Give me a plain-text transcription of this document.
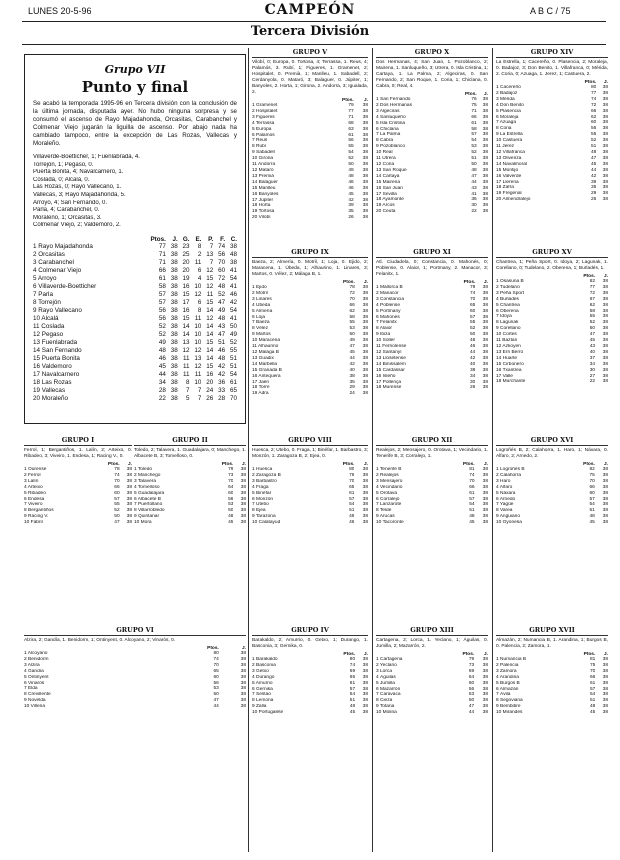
LUNES 20-5-96	CAMPEÓN	A B C / 75
Tercera División
Grupo VII
Punto y final
Se acabó la temporada 1995-96 en Tercera división con la conclusión de la última jornada, disputada ayer. No hubo ninguna sorpresa y se consumó el ascenso de Rayo Majadahonda, Orcasitas, Carabanchel y Colmenar Viejo jugarán la liguilla de ascenso. Por abajo nada ha cambiado tampoco, entre la excepción de Las Rozas, Vallecas y Moraleño.
Villaverde-Boetticher, 1; Fuenlabrada, 4.
Torrejón, 1; Pegaso, 0.
Puerta Bonita, 4; Navalcarnero, 1.
Coslada, 0; Alcalá, 0.
Las Rozas, 0; Rayo Vallecano, 1.
Vallecas, 3; Rayo Majadahonda, 5.
Arroyo, 4; San Fernando, 0.
Parla, 4; Carabanchel, 0.
Moraleño, 1; Orcasitas, 3.
Colmenar Viejo, 2; Valdemoro, 2.
	Ptos.	J.	G.	E.	P.	F.	C.
1 Rayo Majadahonda	77	38	23	8	7	74	38
2 Orcasitas	71	38	25	2	13	56	48
3 Carabanchel	71	38	20	11	7	70	38
4 Colmenar Viejo	66	38	20	6	12	60	41
5 Arroyo	61	38	19	4	15	72	54
6 Villaverde-Boetticher	58	38	16	10	12	48	41
7 Parla	57	38	15	12	11	52	46
8 Torrejón	57	38	17	6	15	47	42
9 Rayo Vallecano	56	38	16	8	14	49	54
10 Alcalá	56	38	15	11	12	48	41
11 Coslada	52	38	14	10	14	43	50
12 Pegaso	52	38	14	10	14	47	49
13 Fuenlabrada	49	38	13	10	15	51	52
14 San Fernando	48	38	12	12	14	46	55
15 Puerta Bonita	46	38	11	13	14	48	51
16 Valdemoro	45	38	11	12	15	42	51
17 Navalcarnero	44	38	11	11	16	42	54
18 Las Rozas	34	38	8	10	20	36	61
19 Vallecas	28	38	7	7	24	33	65
20 Moraleño	22	38	5	7	26	28	70
GRUPO V
Vilobí, 0; Europa, 0. Tortosa, 4; Terrassa, 1. Reus, 4; Palamós, 3. Rubí, 1; Figueres, 1. Gramenet, 2; Hospitalet, 0. Premià, 1; Manlleu, 1. Sabadell, 2; Cerdanyola, 0. Mataró, 3; Balaguer, 0. Júpiter, 1; Banyoles, 2. Horta, 1; Girona, 2. Andorra, 3; Igualada, 2.
	Ptos.	J.
1 Gramenet	79	38
2 Hospitalet	77	38
3 Figueres	71	38
4 Terrassa	68	38
5 Europa	63	38
6 Palamós	61	38
7 Reus	56	38
8 Rubí	55	38
9 Sabadell	54	38
10 Girona	52	38
11 Andorra	50	38
12 Mataró	49	38
13 Premià	48	38
14 Balaguer	46	38
15 Manlleu	46	38
16 Banyoles	45	38
17 Júpiter	42	38
18 Horta	39	38
19 Tortosa	35	38
20 Vilobí	26	38
GRUPO X
Dos Hermanas, 4; San Juan, 1. Pozoblanco, 2; Mairena, 1. Sanluqueño, 3; Utrera, 0. Isla Cristina, 1; Cartaya, 1. La Palma, 2; Algeciras, 0. San Fernando, 2; San Roque, 1. Coria, 1; Chiclana, 0. Cabra, 0; Real, 4.
	Ptos.	J.
1 San Fernando	76	38
2 Dos Hermanas	75	38
3 Algeciras	71	38
4 Sanluqueño	66	38
5 Isla Cristina	61	38
6 Chiclana	58	38
7 La Palma	57	38
8 Cabra	54	38
9 Pozoblanco	53	38
10 Real	52	38
11 Utrera	51	38
12 Coria	50	38
13 San Roque	48	38
14 Cartaya	47	38
15 Mairena	44	38
16 San Juan	43	38
17 Sevilla	41	38
18 Ayamonte	36	38
19 Arcos	30	38
20 Ceuta	22	38
GRUPO XIV
La Estrella, 1; Cacereño, 0. Plasencia, 2; Moraleja, 0. Badajoz, 3; Don Benito, 1. Villafranca, 0; Mérida, 2. Coria, 0; Azuaga, 1. Jerez, 1; Castuera, 2.
	Ptos.	J.
1 Cacereño	80	38
2 Badajoz	77	38
3 Mérida	74	38
4 Don Benito	72	38
5 Plasencia	66	38
6 Moraleja	62	38
7 Azuaga	60	38
8 Coria	56	38
9 La Estrella	55	38
10 Castuera	52	38
11 Jerez	51	38
12 Villafranca	48	38
13 Olivenza	47	38
14 Navalmoral	45	38
15 Montijo	44	38
16 Valverde	42	38
17 Llerena	39	38
18 Zafra	35	38
19 Fregenal	29	38
20 Almendralejo	25	38
GRUPO IX
Baeza, 2; Almería, 0. Motril, 1; Loja, 0. Ejido, 2; Maracena, 1. Úbeda, 1; Alhaurino, 1. Linares, 3; Martos, 0. Vélez, 2; Málaga B, 1.
	Ptos.	J.
1 Ejido	78	38
2 Motril	72	38
3 Linares	70	38
4 Úbeda	66	38
5 Almería	62	38
6 Loja	58	38
7 Baeza	55	38
8 Vélez	53	38
9 Martos	50	38
10 Maracena	49	38
11 Alhaurino	47	38
12 Málaga B	45	38
13 Guadix	44	38
14 Marbella	42	38
15 Granada B	40	38
16 Antequera	38	38
17 Jaén	35	38
18 Torre	29	38
19 Adra	24	38
GRUPO XI
Atl. Ciudadela, 0; Constancia, 0. Mahonés, 0; Poblense, 0. Alaior, 1; Portmany, 2. Manacor, 3; Felanitx, 1.
	Ptos.	J.
1 Mallorca B	79	38
2 Manacor	74	38
3 Constancia	70	38
4 Poblense	65	38
5 Portmany	60	38
6 Mahonés	57	38
7 Felanitx	55	38
8 Alaior	52	38
9 Ibiza	50	38
10 Sóller	48	38
11 Ferriolense	46	38
12 Santanyí	44	38
13 Llosetense	42	38
14 Binissalem	40	38
15 Cardassar	38	38
16 Isleño	34	38
17 Pollença	30	38
18 Murense	26	38
GRUPO XV
Chantrea, 1; Peña Sport, 0. Idoya, 2; Lagunak, 1. Corellano, 0; Tudelano, 2. Oberena, 1; Burladés, 1.
	Ptos.	J.
1 Osasuna B	82	38
2 Tudelano	77	38
3 Peña Sport	72	38
4 Burladés	67	38
5 Chantrea	62	38
6 Oberena	58	38
7 Idoya	55	38
8 Lagunak	52	38
9 Corellano	50	38
10 Cortes	47	38
11 Baztán	45	38
12 Azkoyen	43	38
13 Erri Berro	40	38
14 Huarte	37	38
15 Cirbonero	34	38
16 Txantrea	30	38
17 Valle	27	38
18 Murchante	22	38
GRUPO I
Ferrol, 1; Bergantiños, 1. Lalín, 2; Arteixo, 0. Ribadeo, 3; Viveiro, 1. Endesa, 1; Racing V., 0.
	Ptos.	J.
1 Ourense	78	38
2 Ferrol	74	38
3 Lalín	70	38
4 Arteixo	66	38
5 Ribadeo	60	38
6 Endesa	57	38
7 Viveiro	55	38
8 Bergantiños	52	38
9 Racing V.	50	38
10 Fabril	47	38
GRUPO II
Toledo, 2; Talavera, 1. Guadalajara, 0; Manchego, 1. Albacete B, 3; Tomelloso, 0.
	Ptos.	J.
1 Toledo	79	38
2 Manchego	73	38
3 Talavera	70	38
4 Tomelloso	64	38
5 Guadalajara	60	38
6 Albacete B	56	38
7 Puertollano	53	38
8 Villarrobledo	50	38
9 Quintanar	48	38
10 Mora	45	38
GRUPO VIII
Huesca, 2; Utebo, 0. Fraga, 1; Binéfar, 1. Barbastro, 3; Monzón, 1. Zaragoza B, 2; Ejea, 0.
	Ptos.	J.
1 Huesca	80	38
2 Zaragoza B	76	38
3 Barbastro	70	38
4 Fraga	65	38
5 Binéfar	61	38
6 Monzón	57	38
7 Utebo	54	38
8 Ejea	51	38
9 Tarazona	49	38
10 Calatayud	46	38
GRUPO XII
Realejos, 2; Mensajero, 0. Orotava, 1; Vecindario, 1. Tenerife B, 3; Corralejo, 1.
	Ptos.	J.
1 Tenerife B	81	38
2 Realejos	74	38
3 Mensajero	70	38
4 Vecindario	66	38
5 Orotava	61	38
6 Corralejo	57	38
7 Lanzarote	54	38
8 Telde	51	38
9 Arucas	48	38
10 Tacoronte	45	38
GRUPO XVI
Logroñés B, 2; Calahorra, 1. Haro, 1; Náxara, 0. Alfaro, 2; Arnedo, 2.
	Ptos.	J.
1 Logroñés B	82	38
2 Calahorra	75	38
3 Haro	70	38
4 Alfaro	66	38
5 Náxara	60	38
6 Arnedo	57	38
7 Yagüe	54	38
8 Varea	51	38
9 Anguiano	48	38
10 Oyonesa	45	38
GRUPO IV
Barakaldo, 2; Amurrio, 0. Getxo, 1; Durango, 1. Basconia, 3; Gernika, 0.
	Ptos.	J.
1 Barakaldo	80	38
2 Basconia	74	38
3 Getxo	69	38
4 Durango	65	38
5 Amurrio	61	38
6 Gernika	57	38
7 Sestao	54	38
8 Lemona	51	38
9 Zalla	48	38
10 Portugalete	45	38
GRUPO XIII
Cartagena, 2; Lorca, 1. Yeclano, 1; Águilas, 0. Jumilla, 2; Mazarrón, 2.
	Ptos.	J.
1 Cartagena	79	38
2 Yeclano	73	38
3 Lorca	69	38
4 Águilas	64	38
5 Jumilla	60	38
6 Mazarrón	56	38
7 Caravaca	53	38
8 Cieza	50	38
9 Totana	47	38
10 Molina	44	38
GRUPO XVII
Almazán, 2; Numancia B, 1. Arandina, 1; Burgos B, 0. Palencia, 2; Zamora, 1.
	Ptos.	J.
1 Numancia B	81	38
2 Palencia	75	38
3 Zamora	70	38
4 Arandina	66	38
5 Burgos B	61	38
6 Almazán	57	38
7 Ávila	54	38
8 Segoviana	51	38
9 Bembibre	48	38
10 Mirandés	45	38
GRUPO VI
Alzira, 2; Gandía, 1. Benidorm, 1; Ontinyent, 0. Alcoyano, 2; Vinaròs, 0.
	Ptos.	J.
1 Alcoyano	80	38
2 Benidorm	74	38
3 Alzira	70	38
4 Gandía	65	38
5 Ontinyent	60	38
6 Vinaròs	56	38
7 Elda	53	38
8 Crevillente	50	38
9 Novelda	47	38
10 Villena	44	38
